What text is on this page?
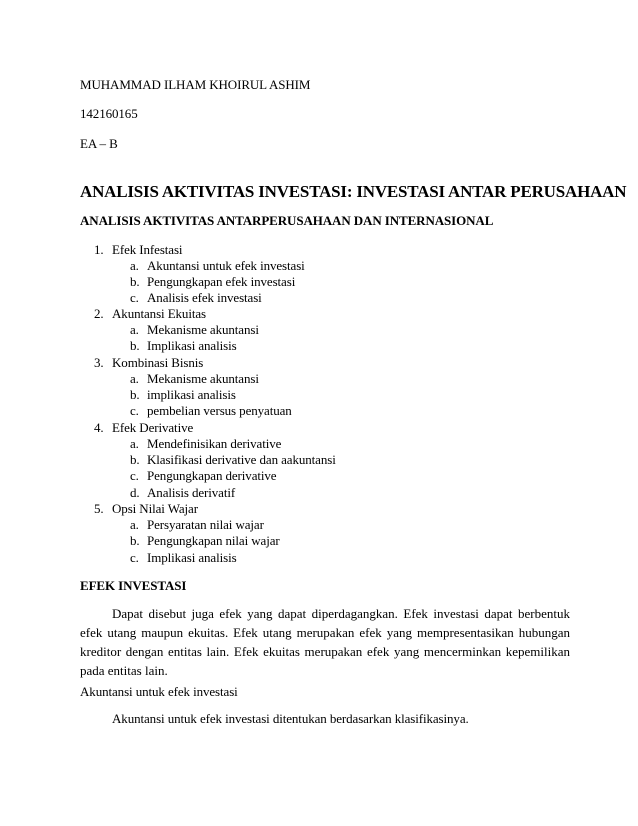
MUHAMMAD ILHAM KHOIRUL ASHIM
142160165
EA – B
ANALISIS AKTIVITAS INVESTASI: INVESTASI ANTAR PERUSAHAAN
ANALISIS AKTIVITAS ANTARPERUSAHAAN DAN INTERNASIONAL
1. Efek Infestasi
a. Akuntansi untuk efek investasi
b. Pengungkapan efek investasi
c. Analisis efek investasi
2. Akuntansi Ekuitas
a. Mekanisme akuntansi
b. Implikasi analisis
3. Kombinasi Bisnis
a. Mekanisme akuntansi
b. implikasi analisis
c. pembelian versus penyatuan
4. Efek Derivative
a. Mendefinisikan derivative
b. Klasifikasi derivative dan aakuntansi
c. Pengungkapan derivative
d. Analisis derivatif
5. Opsi Nilai Wajar
a. Persyaratan nilai wajar
b. Pengungkapan nilai wajar
c. Implikasi analisis
EFEK INVESTASI

Dapat disebut juga efek yang dapat diperdagangkan. Efek investasi dapat berbentuk efek utang maupun ekuitas. Efek utang merupakan efek yang mempresentasikan hubungan kreditor dengan entitas lain. Efek ekuitas merupakan efek yang mencerminkan kepemilikan pada entitas lain.

Akuntansi untuk efek investasi
Akuntansi untuk efek investasi ditentukan berdasarkan klasifikasinya.
